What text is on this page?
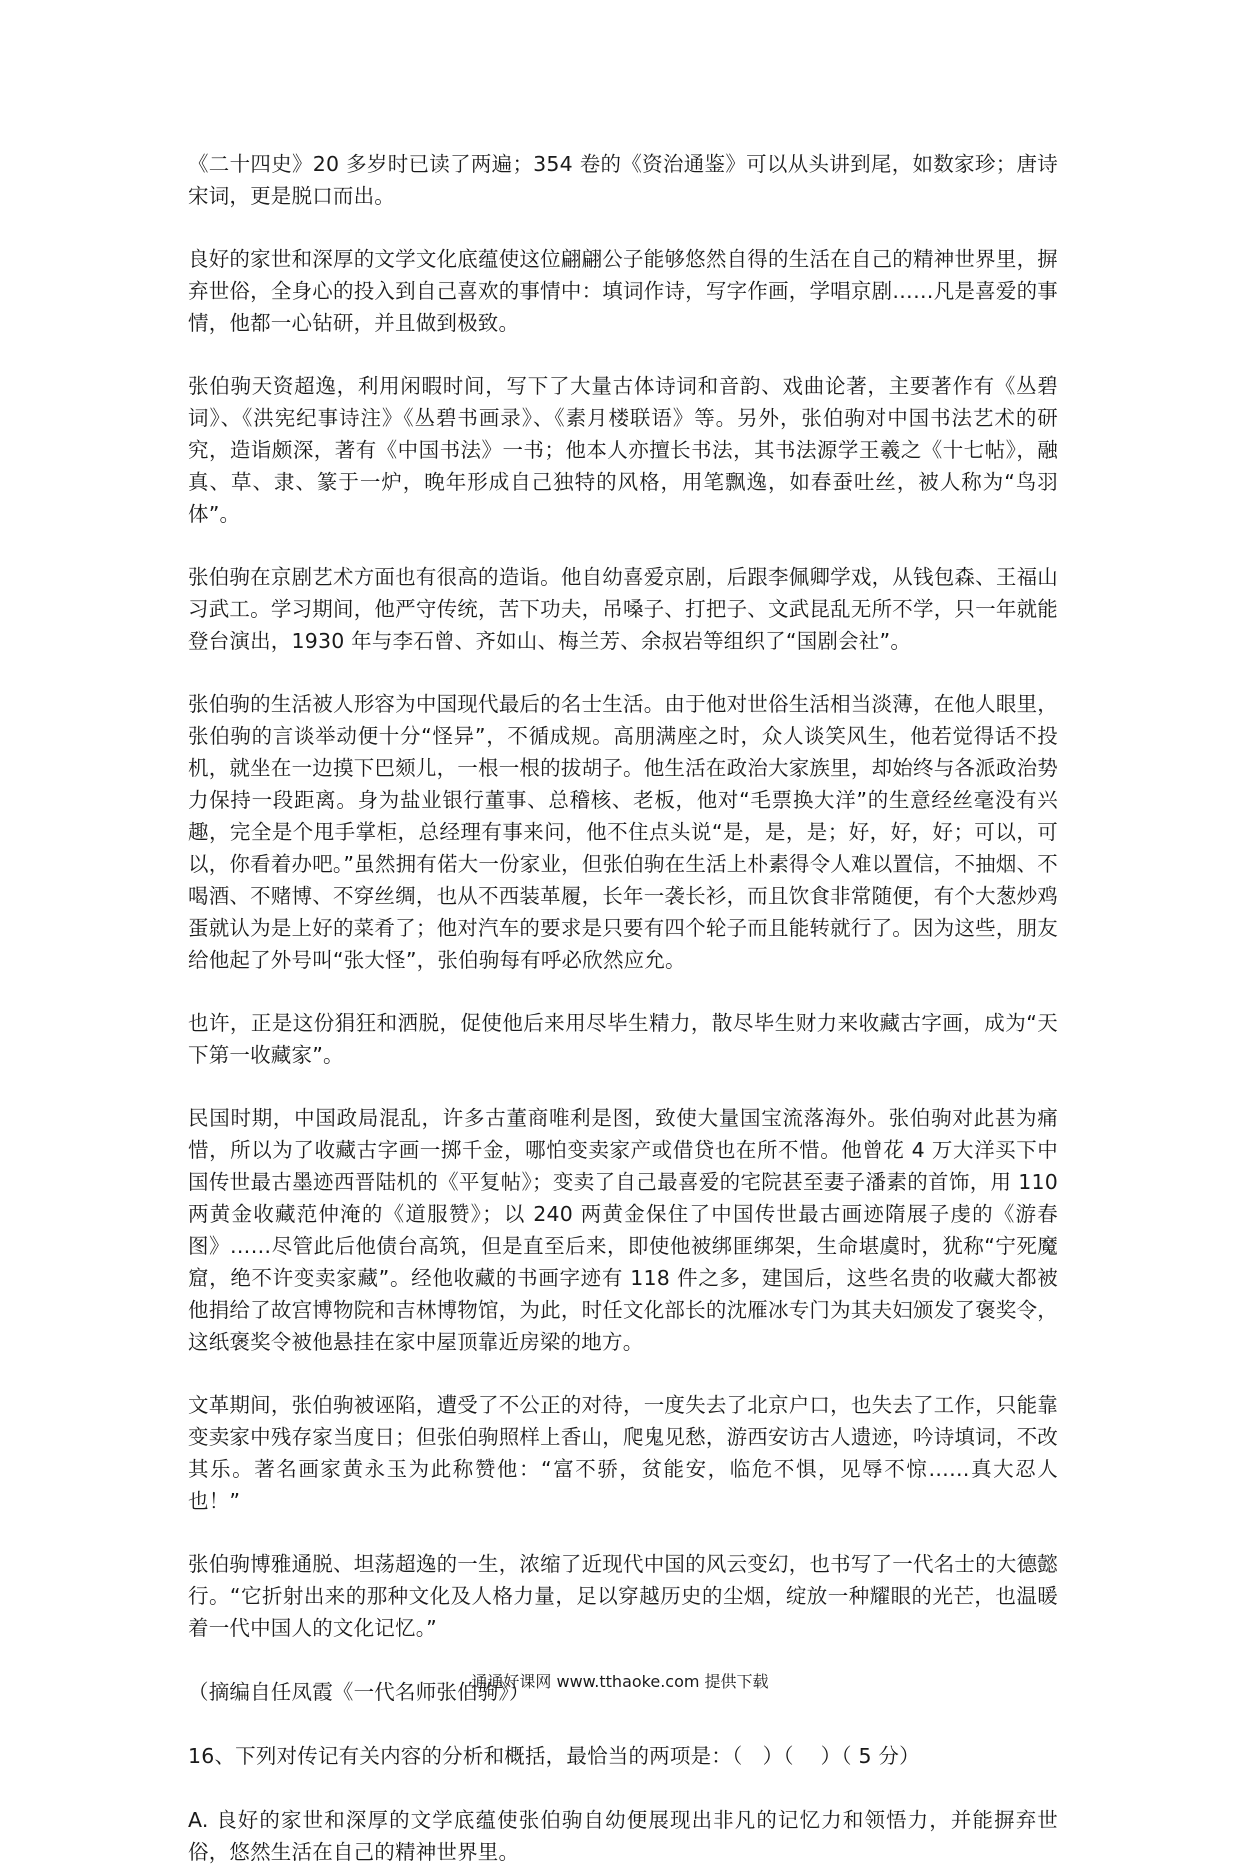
《二十四史》20 多岁时已读了两遍；354 卷的《资治通鉴》可以从头讲到尾，如数家珍；唐诗宋词，更是脱口而出。

良好的家世和深厚的文学文化底蕴使这位翩翩公子能够悠然自得的生活在自己的精神世界里，摒弃世俗，全身心的投入到自己喜欢的事情中：填词作诗，写字作画，学唱京剧……凡是喜爱的事情，他都一心钻研，并且做到极致。

张伯驹天资超逸，利用闲暇时间，写下了大量古体诗词和音韵、戏曲论著，主要著作有《丛碧词》、《洪宪纪事诗注》《丛碧书画录》、《素月楼联语》等。另外，张伯驹对中国书法艺术的研究，造诣颇深，著有《中国书法》一书；他本人亦擅长书法，其书法源学王羲之《十七帖》，融真、草、隶、篆于一炉，晚年形成自己独特的风格，用笔飘逸，如春蚕吐丝，被人称为“鸟羽体”。

张伯驹在京剧艺术方面也有很高的造诣。他自幼喜爱京剧，后跟李佩卿学戏，从钱包森、王福山习武工。学习期间，他严守传统，苦下功夫，吊嗓子、打把子、文武昆乱无所不学，只一年就能登台演出，1930 年与李石曾、齐如山、梅兰芳、余叔岩等组织了“国剧会社”。

张伯驹的生活被人形容为中国现代最后的名士生活。由于他对世俗生活相当淡薄，在他人眼里，张伯驹的言谈举动便十分“怪异”，不循成规。高朋满座之时，众人谈笑风生，他若觉得话不投机，就坐在一边摸下巴颏儿，一根一根的拔胡子。他生活在政治大家族里，却始终与各派政治势力保持一段距离。身为盐业银行董事、总稽核、老板，他对“毛票换大洋”的生意经丝毫没有兴趣，完全是个甩手掌柜，总经理有事来问，他不住点头说“是，是，是；好，好，好；可以，可以，你看着办吧。”虽然拥有偌大一份家业，但张伯驹在生活上朴素得令人难以置信，不抽烟、不喝酒、不赌博、不穿丝绸，也从不西装革履，长年一袭长衫，而且饮食非常随便，有个大葱炒鸡蛋就认为是上好的菜肴了；他对汽车的要求是只要有四个轮子而且能转就行了。因为这些，朋友给他起了外号叫“张大怪”，张伯驹每有呼必欣然应允。

也许，正是这份狷狂和洒脱，促使他后来用尽毕生精力，散尽毕生财力来收藏古字画，成为“天下第一收藏家”。

民国时期，中国政局混乱，许多古董商唯利是图，致使大量国宝流落海外。张伯驹对此甚为痛惜，所以为了收藏古字画一掷千金，哪怕变卖家产或借贷也在所不惜。他曾花 4 万大洋买下中国传世最古墨迹西晋陆机的《平复帖》；变卖了自己最喜爱的宅院甚至妻子潘素的首饰，用 110 两黄金收藏范仲淹的《道服赞》；以 240 两黄金保住了中国传世最古画迹隋展子虔的《游春图》……尽管此后他债台高筑，但是直至后来，即使他被绑匪绑架，生命堪虞时，犹称“宁死魔窟，绝不许变卖家藏”。经他收藏的书画字迹有 118 件之多，建国后，这些名贵的收藏大都被他捐给了故宫博物院和吉林博物馆，为此，时任文化部长的沈雁冰专门为其夫妇颁发了褒奖令，这纸褒奖令被他悬挂在家中屋顶靠近房梁的地方。

文革期间，张伯驹被诬陷，遭受了不公正的对待，一度失去了北京户口，也失去了工作，只能靠变卖家中残存家当度日；但张伯驹照样上香山，爬鬼见愁，游西安访古人遗迹，吟诗填词，不改其乐。著名画家黄永玉为此称赞他：“富不骄，贫能安，临危不惧，见辱不惊……真大忍人也！”

张伯驹博雅通脱、坦荡超逸的一生，浓缩了近现代中国的风云变幻，也书写了一代名士的大德懿行。“它折射出来的那种文化及人格力量，足以穿越历史的尘烟，绽放一种耀眼的光芒，也温暖着一代中国人的文化记忆。”

（摘编自任凤霞《一代名师张伯驹》）

16、下列对传记有关内容的分析和概括，最恰当的两项是：（   ）（    ）（ 5 分）

A. 良好的家世和深厚的文学底蕴使张伯驹自幼便展现出非凡的记忆力和领悟力，并能摒弃世俗，悠然生活在自己的精神世界里。

通通好课网 www.tthaoke.com 提供下载
